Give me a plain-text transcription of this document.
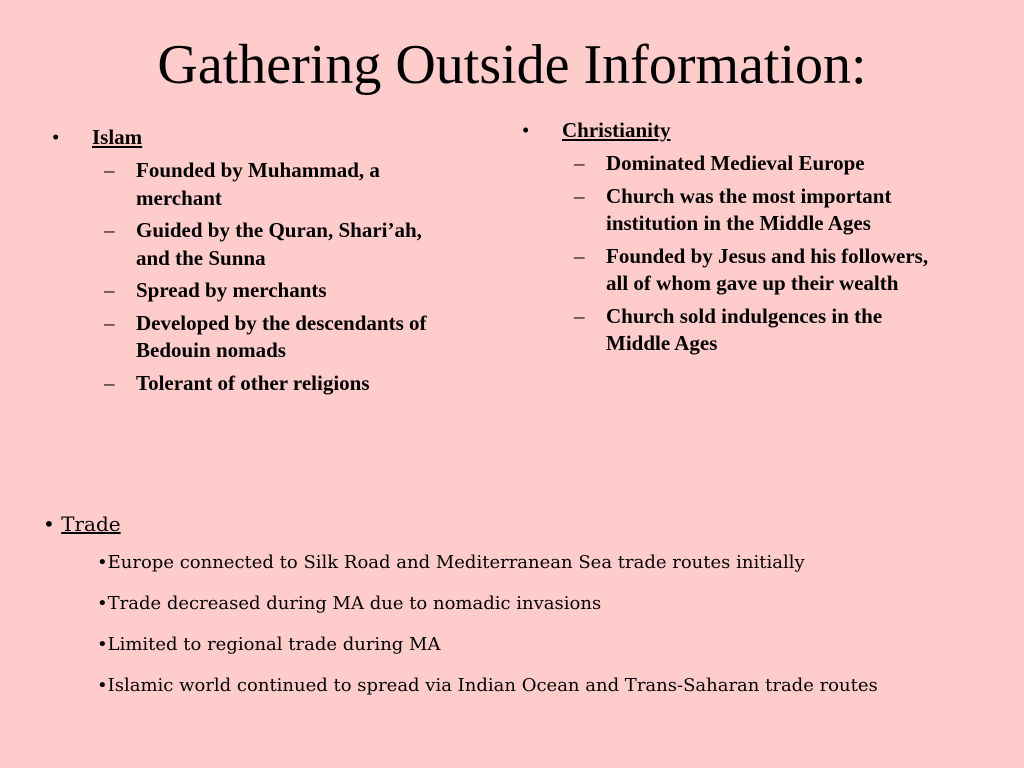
Gathering Outside Information:
• Islam
– Founded by Muhammad, a merchant
– Guided by the Quran, Shari’ah, and the Sunna
– Spread by merchants
– Developed by the descendants of Bedouin nomads
– Tolerant of other religions
• Christianity
– Dominated Medieval Europe
– Church was the most important institution in the Middle Ages
– Founded by Jesus and his followers, all of whom gave up their wealth
– Church sold indulgences in the Middle Ages
• Trade
•Europe connected to Silk Road and Mediterranean Sea trade routes initially
•Trade decreased during MA due to nomadic invasions
•Limited to regional trade during MA
•Islamic world continued to spread via Indian Ocean and Trans-Saharan trade routes
